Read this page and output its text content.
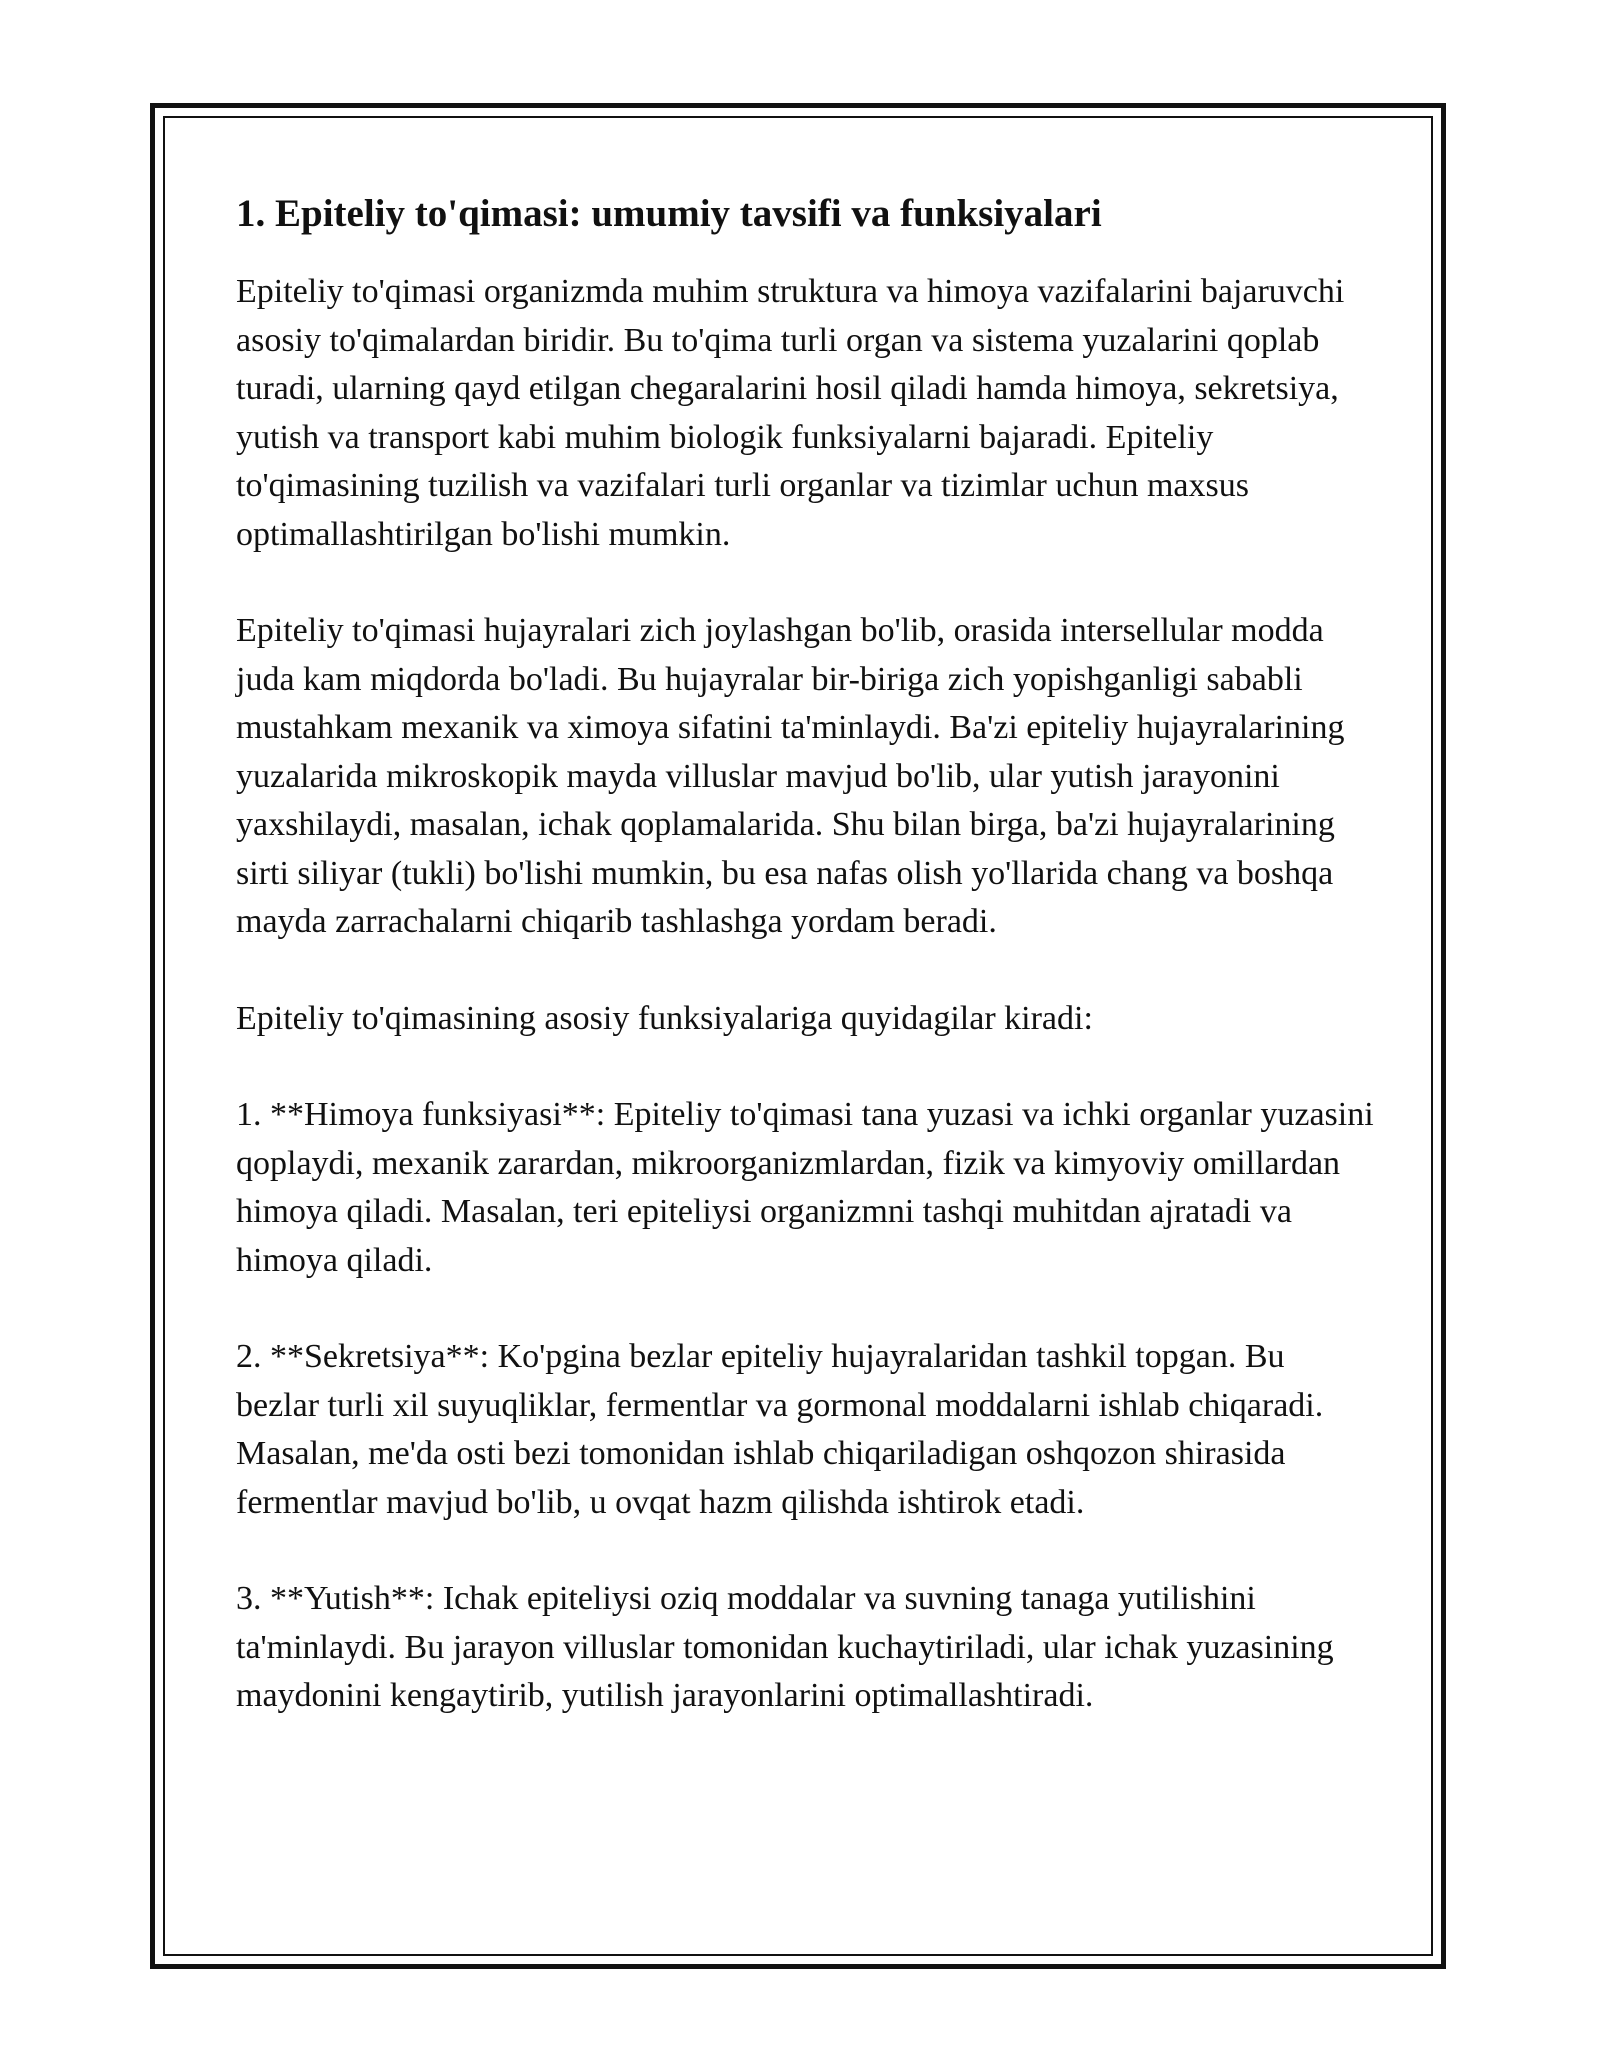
1. Epiteliy to'qimasi: umumiy tavsifi va funksiyalari

Epiteliy to'qimasi organizmda muhim struktura va himoya vazifalarini bajaruvchi asosiy to'qimalardan biridir. Bu to'qima turli organ va sistema yuzalarini qoplab turadi, ularning qayd etilgan chegaralarini hosil qiladi hamda himoya, sekretsiya, yutish va transport kabi muhim biologik funksiyalarni bajaradi. Epiteliy to'qimasining tuzilish va vazifalari turli organlar va tizimlar uchun maxsus optimallashtirilgan bo'lishi mumkin.

Epiteliy to'qimasi hujayralari zich joylashgan bo'lib, orasida intersellular modda juda kam miqdorda bo'ladi. Bu hujayralar bir-biriga zich yopishganligi sababli mustahkam mexanik va ximoya sifatini ta'minlaydi. Ba'zi epiteliy hujayralarining yuzalarida mikroskopik mayda villuslar mavjud bo'lib, ular yutish jarayonini yaxshilaydi, masalan, ichak qoplamalarida. Shu bilan birga, ba'zi hujayralarining sirti siliyar (tukli) bo'lishi mumkin, bu esa nafas olish yo'llarida chang va boshqa mayda zarrachalarni chiqarib tashlashga yordam beradi.

Epiteliy to'qimasining asosiy funksiyalariga quyidagilar kiradi:

1. **Himoya funksiyasi**: Epiteliy to'qimasi tana yuzasi va ichki organlar yuzasini qoplaydi, mexanik zarardan, mikroorganizmlardan, fizik va kimyoviy omillardan himoya qiladi. Masalan, teri epiteliysi organizmni tashqi muhitdan ajratadi va himoya qiladi.

2. **Sekretsiya**: Ko'pgina bezlar epiteliy hujayralaridan tashkil topgan. Bu bezlar turli xil suyuqliklar, fermentlar va gormonal moddalarni ishlab chiqaradi. Masalan, me'da osti bezi tomonidan ishlab chiqariladigan oshqozon shirasida fermentlar mavjud bo'lib, u ovqat hazm qilishda ishtirok etadi.

3. **Yutish**: Ichak epiteliysi oziq moddalar va suvning tanaga yutilishini ta'minlaydi. Bu jarayon villuslar tomonidan kuchaytiriladi, ular ichak yuzasining maydonini kengaytirib, yutilish jarayonlarini optimallashtiradi.
